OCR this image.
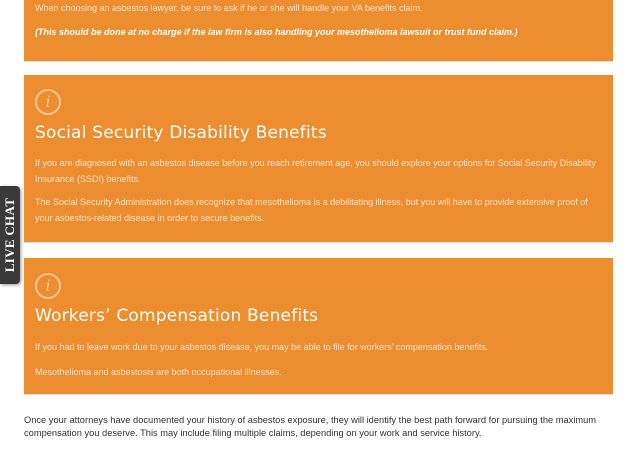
When choosing an asbestos lawyer, be sure to ask if he or she will handle your VA benefits claim.

(This should be done at no charge if the law firm is also handling your mesothelioma lawsuit or trust fund claim.)

i
Social Security Disability Benefits

If you are diagnosed with an asbestos disease before you reach retirement age, you should explore your options for Social Security Disability Insurance (SSDI) benefits.

The Social Security Administration does recognize that mesothelioma is a debilitating illness, but you will have to provide extensive proof of your asbestos-related disease in order to secure benefits.

i
Workers’ Compensation Benefits

If you had to leave work due to your asbestos disease, you may be able to file for workers’ compensation benefits.

Mesothelioma and asbestosis are both occupational illnesses.

LIVE CHAT

Once your attorneys have documented your history of asbestos exposure, they will identify the best path forward for pursuing the maximum compensation you deserve. This may include filing multiple claims, depending on your work and service history.
